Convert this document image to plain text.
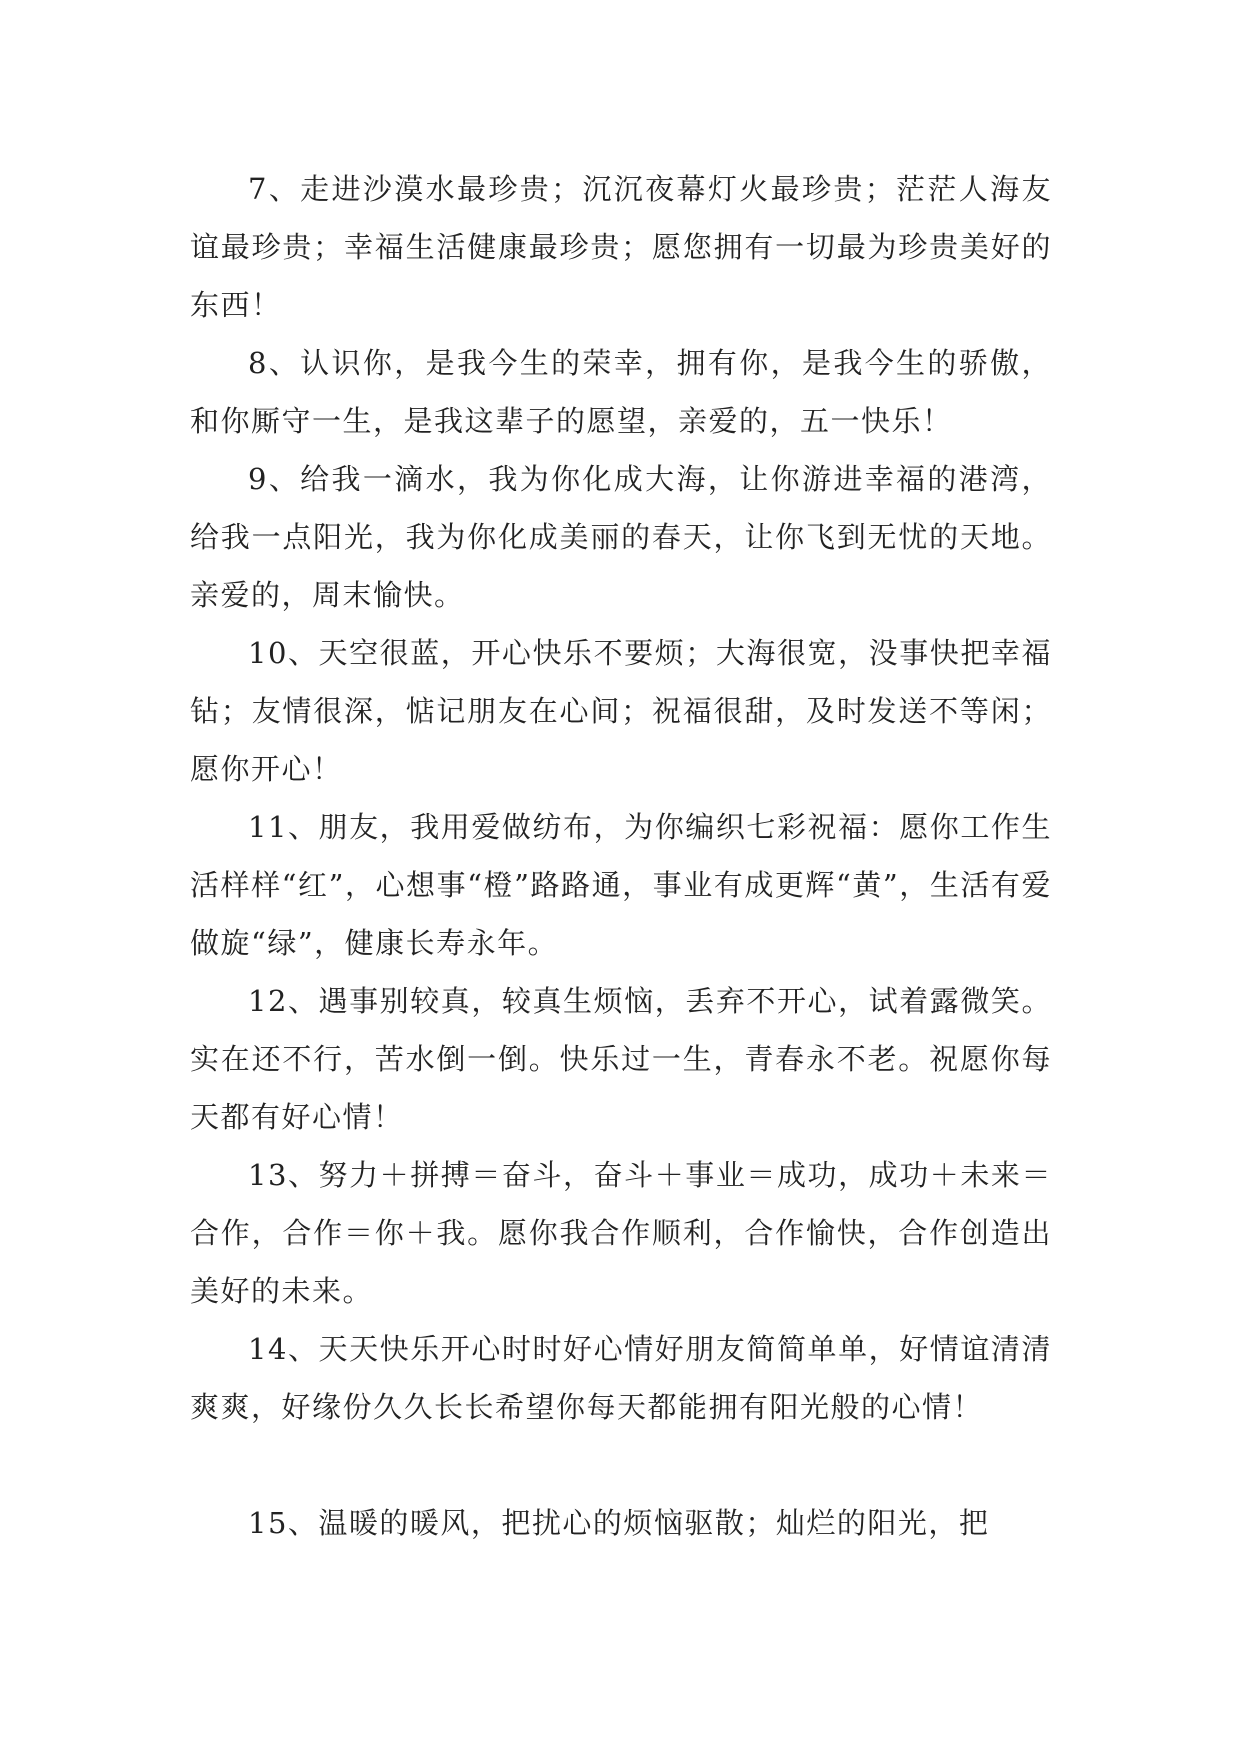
7、走进沙漠水最珍贵；沉沉夜幕灯火最珍贵；茫茫人海友谊最珍贵；幸福生活健康最珍贵；愿您拥有一切最为珍贵美好的东西！

8、认识你，是我今生的荣幸，拥有你，是我今生的骄傲，和你厮守一生，是我这辈子的愿望，亲爱的，五一快乐！

9、给我一滴水，我为你化成大海，让你游进幸福的港湾，给我一点阳光，我为你化成美丽的春天，让你飞到无忧的天地。亲爱的，周末愉快。

10、天空很蓝，开心快乐不要烦；大海很宽，没事快把幸福钻；友情很深，惦记朋友在心间；祝福很甜，及时发送不等闲；愿你开心！

11、朋友，我用爱做纺布，为你编织七彩祝福：愿你工作生活样样“红”，心想事“橙”路路通，事业有成更辉“黄”，生活有爱做旋“绿”，健康长寿永年。

12、遇事别较真，较真生烦恼，丢弃不开心，试着露微笑。实在还不行，苦水倒一倒。快乐过一生，青春永不老。祝愿你每天都有好心情！

13、努力＋拼搏＝奋斗，奋斗＋事业＝成功，成功＋未来＝合作，合作＝你＋我。愿你我合作顺利，合作愉快，合作创造出美好的未来。

14、天天快乐开心时时好心情好朋友简简单单，好情谊清清爽爽，好缘份久久长长希望你每天都能拥有阳光般的心情！

15、温暖的暖风，把扰心的烦恼驱散；灿烂的阳光，把
